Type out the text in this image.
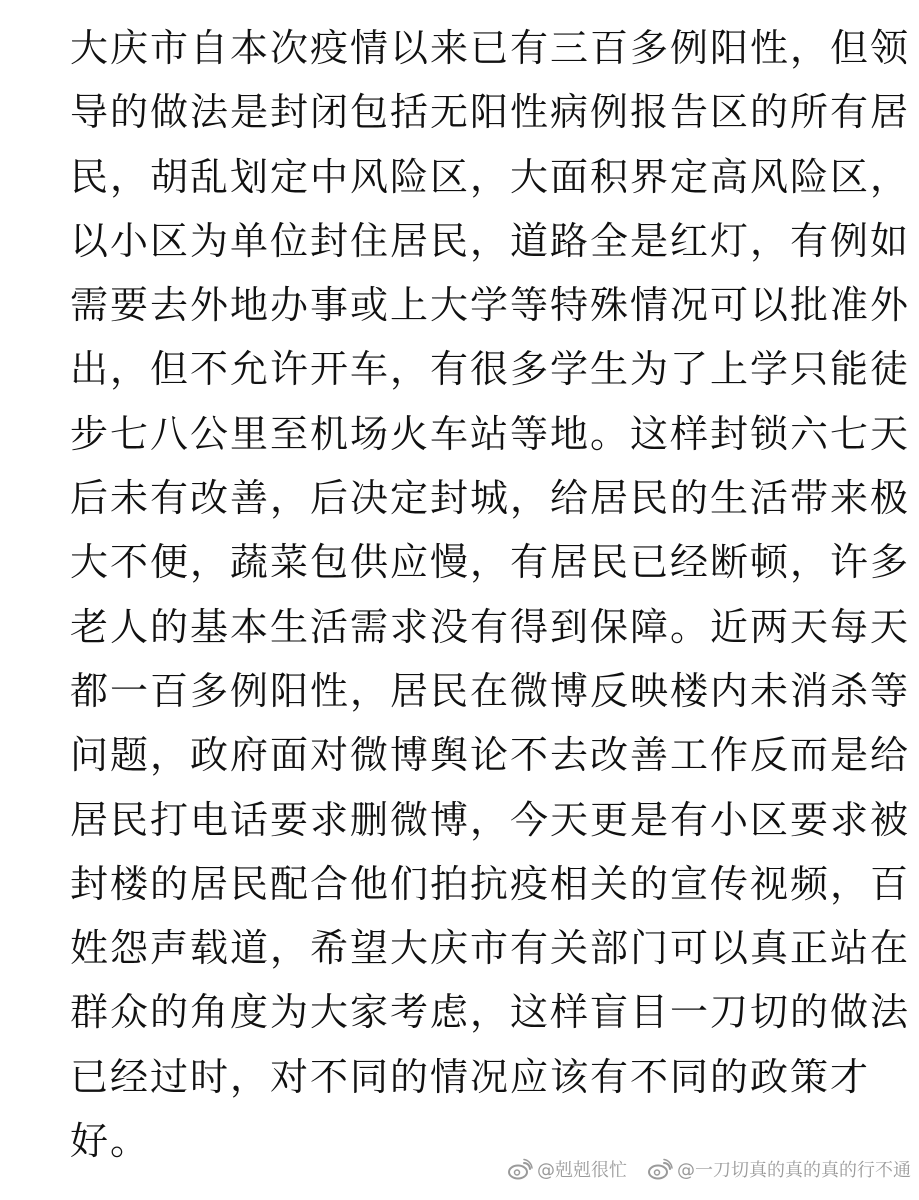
大庆市自本次疫情以来已有三百多例阳性，但领
导的做法是封闭包括无阳性病例报告区的所有居
民，胡乱划定中风险区，大面积界定高风险区，
以小区为单位封住居民，道路全是红灯，有例如
需要去外地办事或上大学等特殊情况可以批准外
出，但不允许开车，有很多学生为了上学只能徒
步七八公里至机场火车站等地。这样封锁六七天
后未有改善，后决定封城，给居民的生活带来极
大不便，蔬菜包供应慢，有居民已经断顿，许多
老人的基本生活需求没有得到保障。近两天每天
都一百多例阳性，居民在微博反映楼内未消杀等
问题，政府面对微博舆论不去改善工作反而是给
居民打电话要求删微博，今天更是有小区要求被
封楼的居民配合他们拍抗疫相关的宣传视频，百
姓怨声载道，希望大庆市有关部门可以真正站在
群众的角度为大家考虑，这样盲目一刀切的做法
已经过时，对不同的情况应该有不同的政策才
好。
@剋剋很忙	@一刀切真的真的真的行不通
